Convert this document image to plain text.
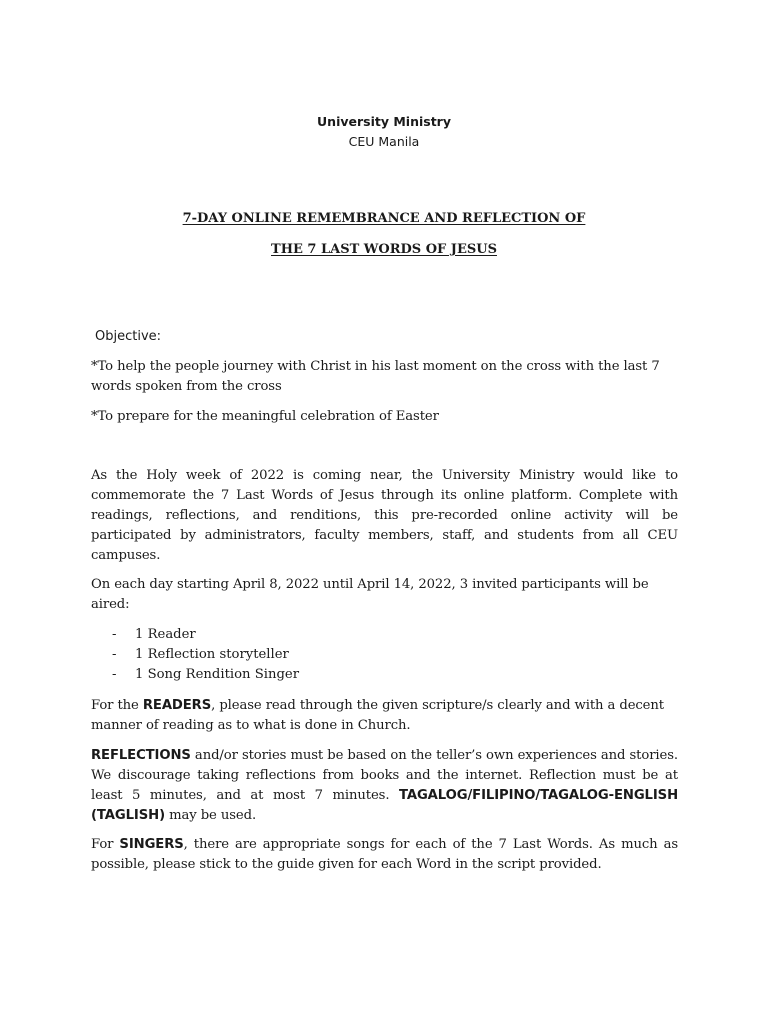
University Ministry
CEU Manila
7-DAY ONLINE REMEMBRANCE AND REFLECTION OF
THE 7 LAST WORDS OF JESUS
Objective:

*To help the people journey with Christ in his last moment on the cross with the last 7 words spoken from the cross

*To prepare for the meaningful celebration of Easter

As the Holy week of 2022 is coming near, the University Ministry would like to commemorate the 7 Last Words of Jesus through its online platform. Complete with readings, reflections, and renditions, this pre-recorded online activity will be participated by administrators, faculty members, staff, and students from all CEU campuses.

On each day starting April 8, 2022 until April 14, 2022, 3 invited participants will be aired:

-	1 Reader
-	1 Reflection storyteller
-	1 Song Rendition Singer

For the READERS, please read through the given scripture/s clearly and with a decent manner of reading as to what is done in Church.

REFLECTIONS and/or stories must be based on the teller’s own experiences and stories. We discourage taking reflections from books and the internet. Reflection must be at least 5 minutes, and at most 7 minutes. TAGALOG/FILIPINO/TAGALOG-ENGLISH (TAGLISH) may be used.

For SINGERS, there are appropriate songs for each of the 7 Last Words. As much as possible, please stick to the guide given for each Word in the script provided.
